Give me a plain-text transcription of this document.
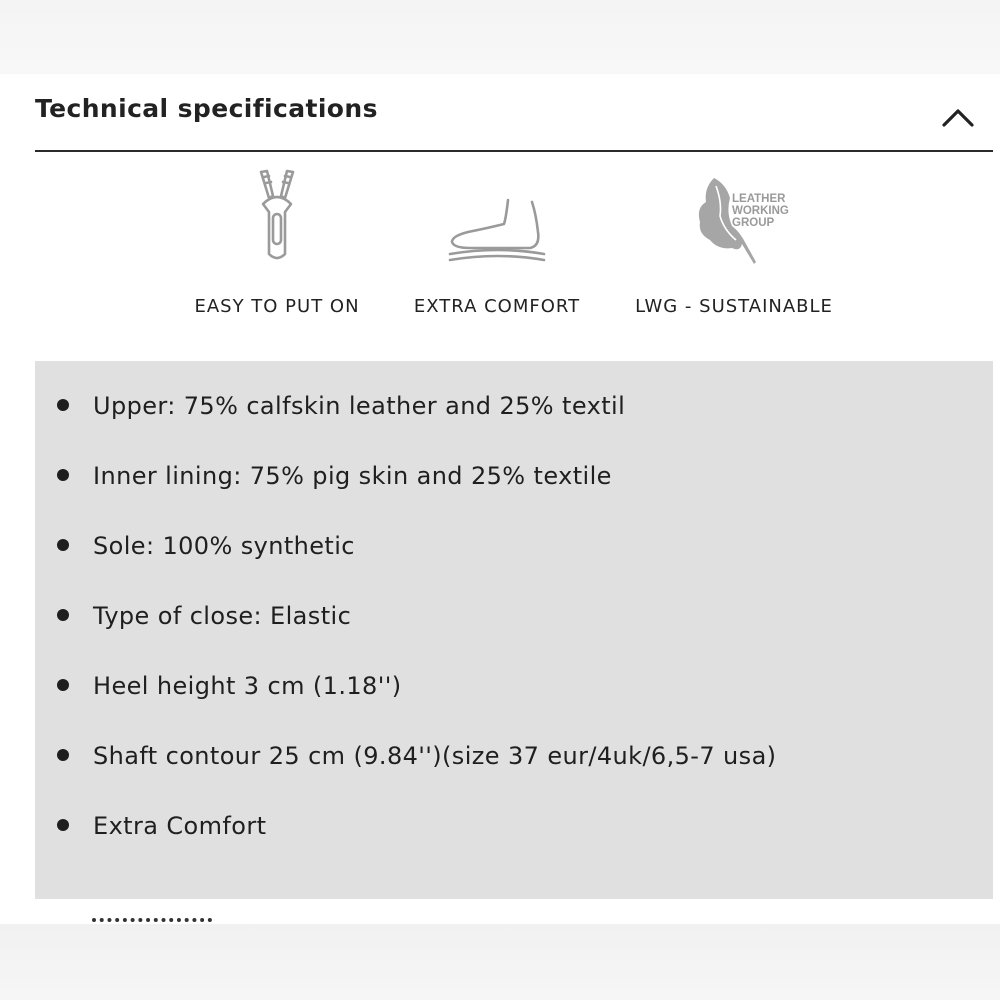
Technical specifications
EASY TO PUT ON	EXTRA COMFORT
LEATHER
WORKING
GROUP
LWG - SUSTAINABLE
Upper: 75% calfskin leather and 25% textil
Inner lining: 75% pig skin and 25% textile
Sole: 100% synthetic
Type of close: Elastic
Heel height 3 cm (1.18'')
Shaft contour 25 cm (9.84'')(size 37 eur/4uk/6,5-7 usa)
Extra Comfort
